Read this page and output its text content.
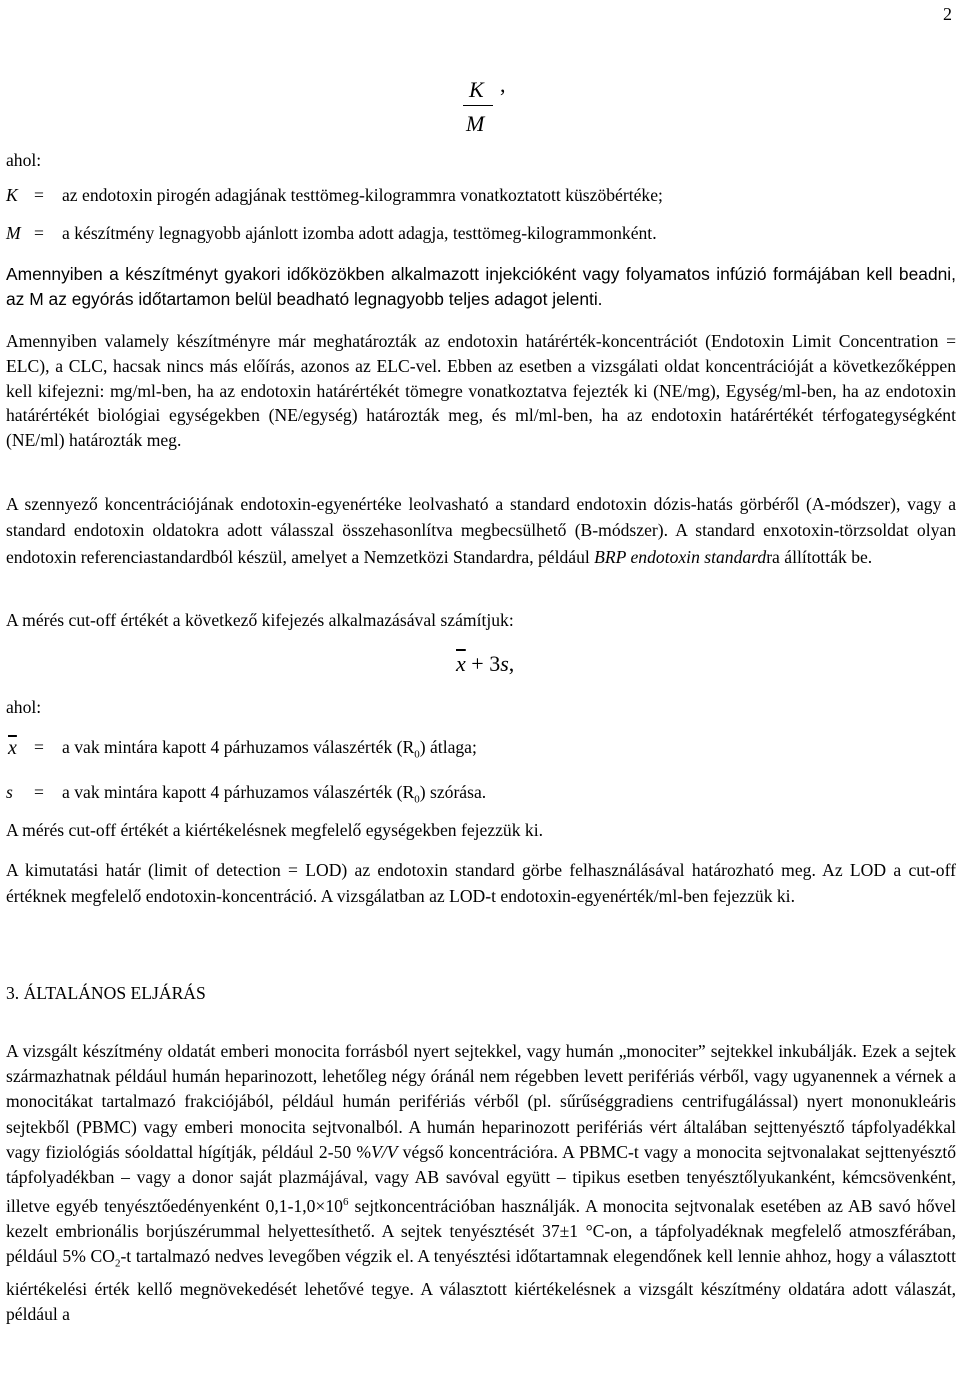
2
K ,
M
ahol:
K = az endotoxin pirogén adagjának testtömeg-kilogrammra vonatkoztatott küszöbértéke;
M = a készítmény legnagyobb ajánlott izomba adott adagja, testtömeg-kilogrammonként.
Amennyiben a készítményt gyakori időközökben alkalmazott injekcióként vagy folyamatos infúzió formájában kell beadni, az M az egyórás időtartamon belül beadható legnagyobb teljes adagot jelenti.
Amennyiben valamely készítményre már meghatározták az endotoxin határérték-koncentrációt (Endotoxin Limit Concentration = ELC), a CLC, hacsak nincs más előírás, azonos az ELC-vel. Ebben az esetben a vizsgálati oldat koncentrációját a következőképpen kell kifejezni: mg/ml-ben, ha az endotoxin határértékét tömegre vonatkoztatva fejezték ki (NE/mg), Egység/ml-ben, ha az endotoxin határértékét biológiai egységekben (NE/egység) határozták meg, és ml/ml-ben, ha az endotoxin határértékét térfogategységként (NE/ml) határozták meg.
A szennyező koncentrációjának endotoxin-egyenértéke leolvasható a standard endotoxin dózis-hatás görbéről (A-módszer), vagy a standard endotoxin oldatokra adott válasszal összehasonlítva megbecsülhető (B-módszer). A standard enxotoxin-törzsoldat olyan endotoxin referenciastandardból készül, amelyet a Nemzetközi Standardra, például BRP endotoxin standardra állították be.
A mérés cut-off értékét a következő kifejezés alkalmazásával számítjuk:
$\overline{x} + 3s$,
ahol:
$\overline{x} = a$ vak mintára kapott 4 párhuzamos válaszérték $(R_0)$ átlaga;
s = a vak mintára kapott 4 párhuzamos válaszérték $(R_0)$ szórása.
A mérés cut-off értékét a kiértékelésnek megfelelő egységekben fejezzük ki.
A kimutatási határ (limit of detection = LOD) az endotoxin standard görbe felhasználásával határozható meg. Az LOD a cut-off értéknek megfelelő endotoxin-koncentráció. A vizsgálatban az LOD-t endotoxin-egyenérték/ml-ben fejezzük ki.
3. ÁLTALÁNOS ELJÁRÁS
A vizsgált készítmény oldatát emberi monocita forrásból nyert sejtekkel, vagy humán „monociter” sejtekkel inkubálják. Ezek a sejtek származhatnak például humán heparinozott, lehetőleg négy óránál nem régebben levett perifériás vérből, vagy ugyanennek a vérnek a monocitákat tartalmazó frakciójából, például humán perifériás vérből (pl. sűrűséggradiens centrifugálással) nyert mononukleáris sejtekből (PBMC) vagy emberi monocita sejtvonalból. A humán heparinozott perifériás vért általában sejttenyésztő tápfolyadékkal vagy fiziológiás sóoldattal hígítják, például 2-50 %V/V végső koncentrációra. A PBMC-t vagy a monocita sejtvonalakat sejttenyésztő tápfolyadékban – vagy a donor saját plazmájával, vagy AB savóval együtt – tipikus esetben tenyésztőlyukanként, kémcsövenként, illetve egyéb tenyésztőedényenként $0,1-1,0\times 10^6$ sejtkoncentrációban használják. A monocita sejtvonalak esetében az AB savó hővel kezelt embrionális borjúszérummal helyettesíthető. A sejtek tenyésztését 37±1 °C-on, a tápfolyadéknak megfelelő atmoszférában, például 5% $CO_2-t$ tartalmazó nedves levegőben végzik el. A tenyésztési időtartamnak elegendőnek kell lennie ahhoz, hogy a választott kiértékelési érték kellő megnövekedését lehetővé tegye. A választott kiértékelésnek a vizsgált készítmény oldatára adott válaszát, például a
